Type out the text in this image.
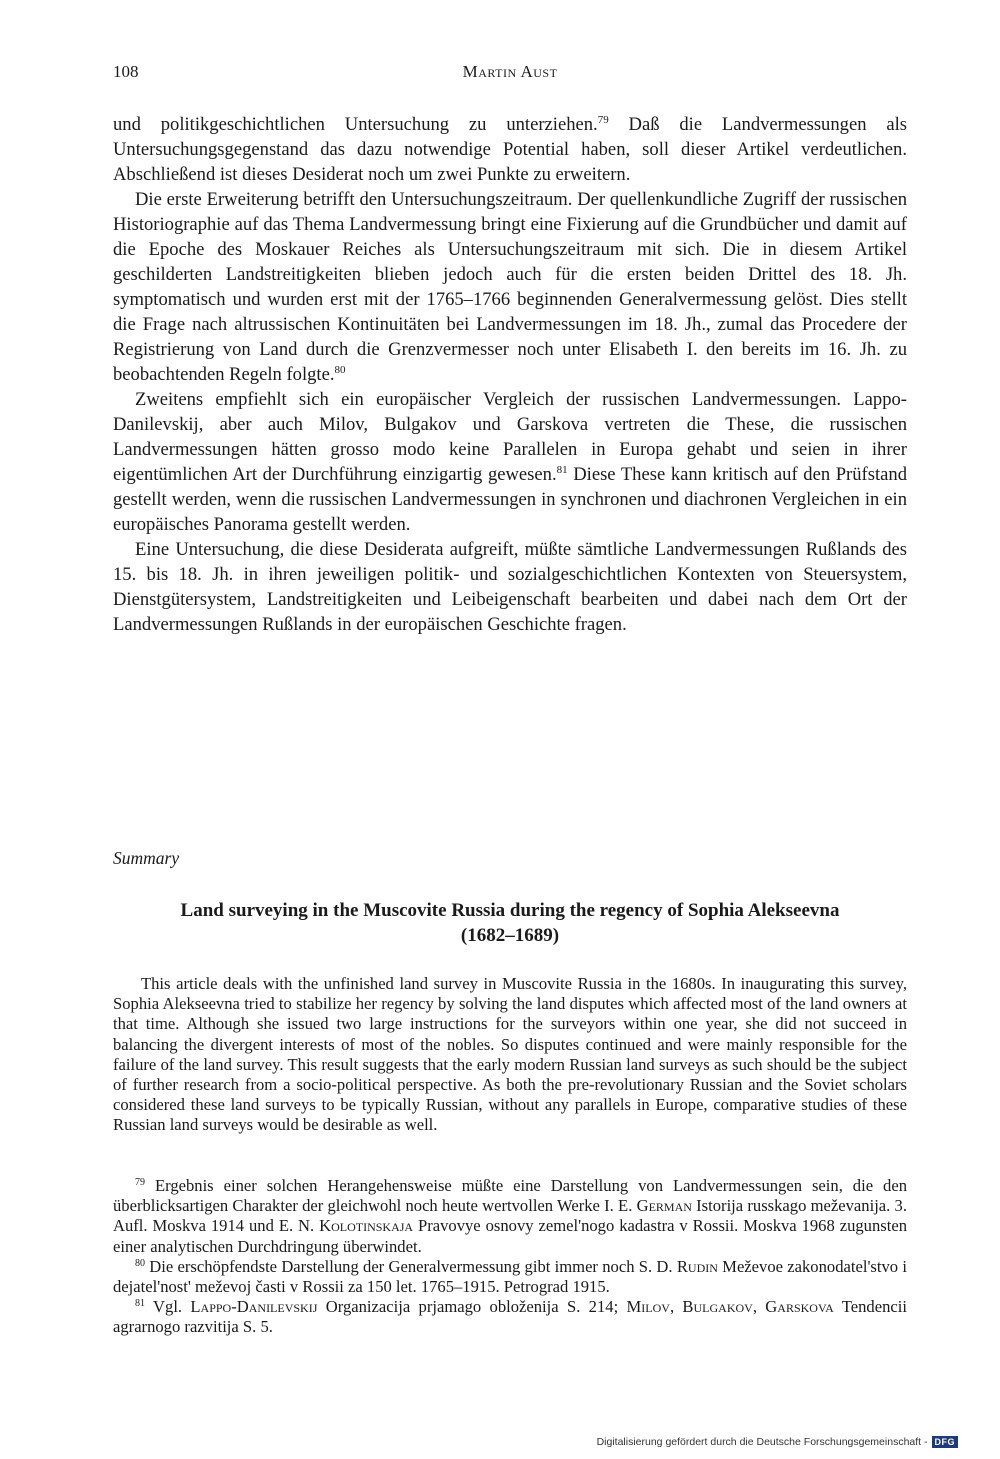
108	Martin Aust

und politikgeschichtlichen Untersuchung zu unterziehen.$^{79}$ Daß die Landvermessungen als Untersuchungsgegenstand das dazu notwendige Potential haben, soll dieser Artikel verdeutlichen. Abschließend ist dieses Desiderat noch um zwei Punkte zu erweitern.

Die erste Erweiterung betrifft den Untersuchungszeitraum. Der quellenkundliche Zugriff der russischen Historiographie auf das Thema Landvermessung bringt eine Fixierung auf die Grundbücher und damit auf die Epoche des Moskauer Reiches als Untersuchungszeitraum mit sich. Die in diesem Artikel geschilderten Landstreitigkeiten blieben jedoch auch für die ersten beiden Drittel des 18. Jh. symptomatisch und wurden erst mit der 1765–1766 beginnenden Generalvermessung gelöst. Dies stellt die Frage nach altrussischen Kontinuitäten bei Landvermessungen im 18. Jh., zumal das Procedere der Registrierung von Land durch die Grenzvermesser noch unter Elisabeth I. den bereits im 16. Jh. zu beobachtenden Regeln folgte.$^{80}$

Zweitens empfiehlt sich ein europäischer Vergleich der russischen Landvermessungen. Lappo-Danilevskij, aber auch Milov, Bulgakov und Garskova vertreten die These, die russischen Landvermessungen hätten grosso modo keine Parallelen in Europa gehabt und seien in ihrer eigentümlichen Art der Durchführung einzigartig gewesen.$^{81}$ Diese These kann kritisch auf den Prüfstand gestellt werden, wenn die russischen Landvermessungen in synchronen und diachronen Vergleichen in ein europäisches Panorama gestellt werden.

Eine Untersuchung, die diese Desiderata aufgreift, müßte sämtliche Landvermessungen Rußlands des 15. bis 18. Jh. in ihren jeweiligen politik- und sozialgeschichtlichen Kontexten von Steuersystem, Dienstgütersystem, Landstreitigkeiten und Leibeigenschaft bearbeiten und dabei nach dem Ort der Landvermessungen Rußlands in der europäischen Geschichte fragen.

Summary
Land surveying in the Muscovite Russia during the regency of Sophia Alekseevna
(1682–1689)

This article deals with the unfinished land survey in Muscovite Russia in the 1680s. In inaugurating this survey, Sophia Alekseevna tried to stabilize her regency by solving the land disputes which affected most of the land owners at that time. Although she issued two large instructions for the surveyors within one year, she did not succeed in balancing the divergent interests of most of the nobles. So disputes continued and were mainly responsible for the failure of the land survey. This result suggests that the early modern Russian land surveys as such should be the subject of further research from a socio-political perspective. As both the pre-revolutionary Russian and the Soviet scholars considered these land surveys to be typically Russian, without any parallels in Europe, comparative studies of these Russian land surveys would be desirable as well.

$^{79}$ Ergebnis einer solchen Herangehensweise müßte eine Darstellung von Landvermessungen sein, die den überblicksartigen Charakter der gleichwohl noch heute wertvollen Werke I. E. German Istorija russkago meževanija. 3. Aufl. Moskva 1914 und E. N. Kolotinskaja Pravovye osnovy zemel'nogo kadastra v Rossii. Moskva 1968 zugunsten einer analytischen Durchdringung überwindet.

$^{80}$ Die erschöpfendste Darstellung der Generalvermessung gibt immer noch S. D. Rudin Meževoe zakonodatel'stvo i dejatel'nost' meževoj časti v Rossii za 150 let. 1765–1915. Petrograd 1915.

$^{81}$ Vgl. Lappo-Danilevskij Organizacija prjamago obloženija S. 214; Milov, Bulgakov, Garskova Tendencii agrarnogo razvitija S. 5.

Digitalisierung gefördert durch die Deutsche Forschungsgemeinschaft - DFG
